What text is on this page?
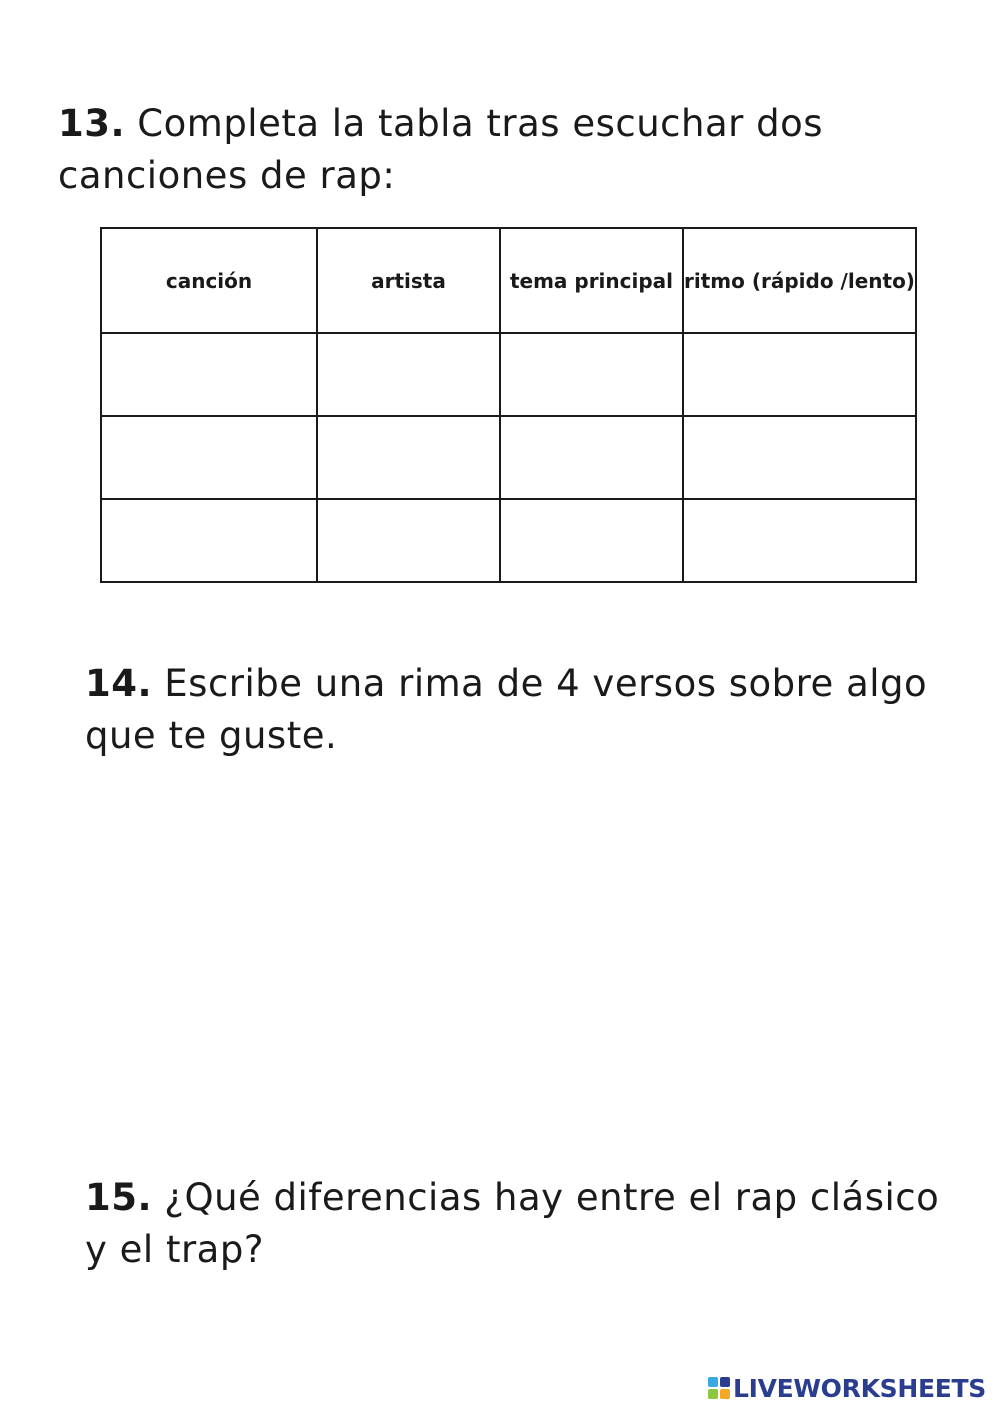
13. Completa la tabla tras escuchar dos canciones de rap:
canción	artista	tema principal	ritmo (rápido /lento)

14. Escribe una rima de 4 versos sobre algo que te guste.
15. ¿Qué diferencias hay entre el rap clásico y el trap?
LIVEWORKSHEETS
